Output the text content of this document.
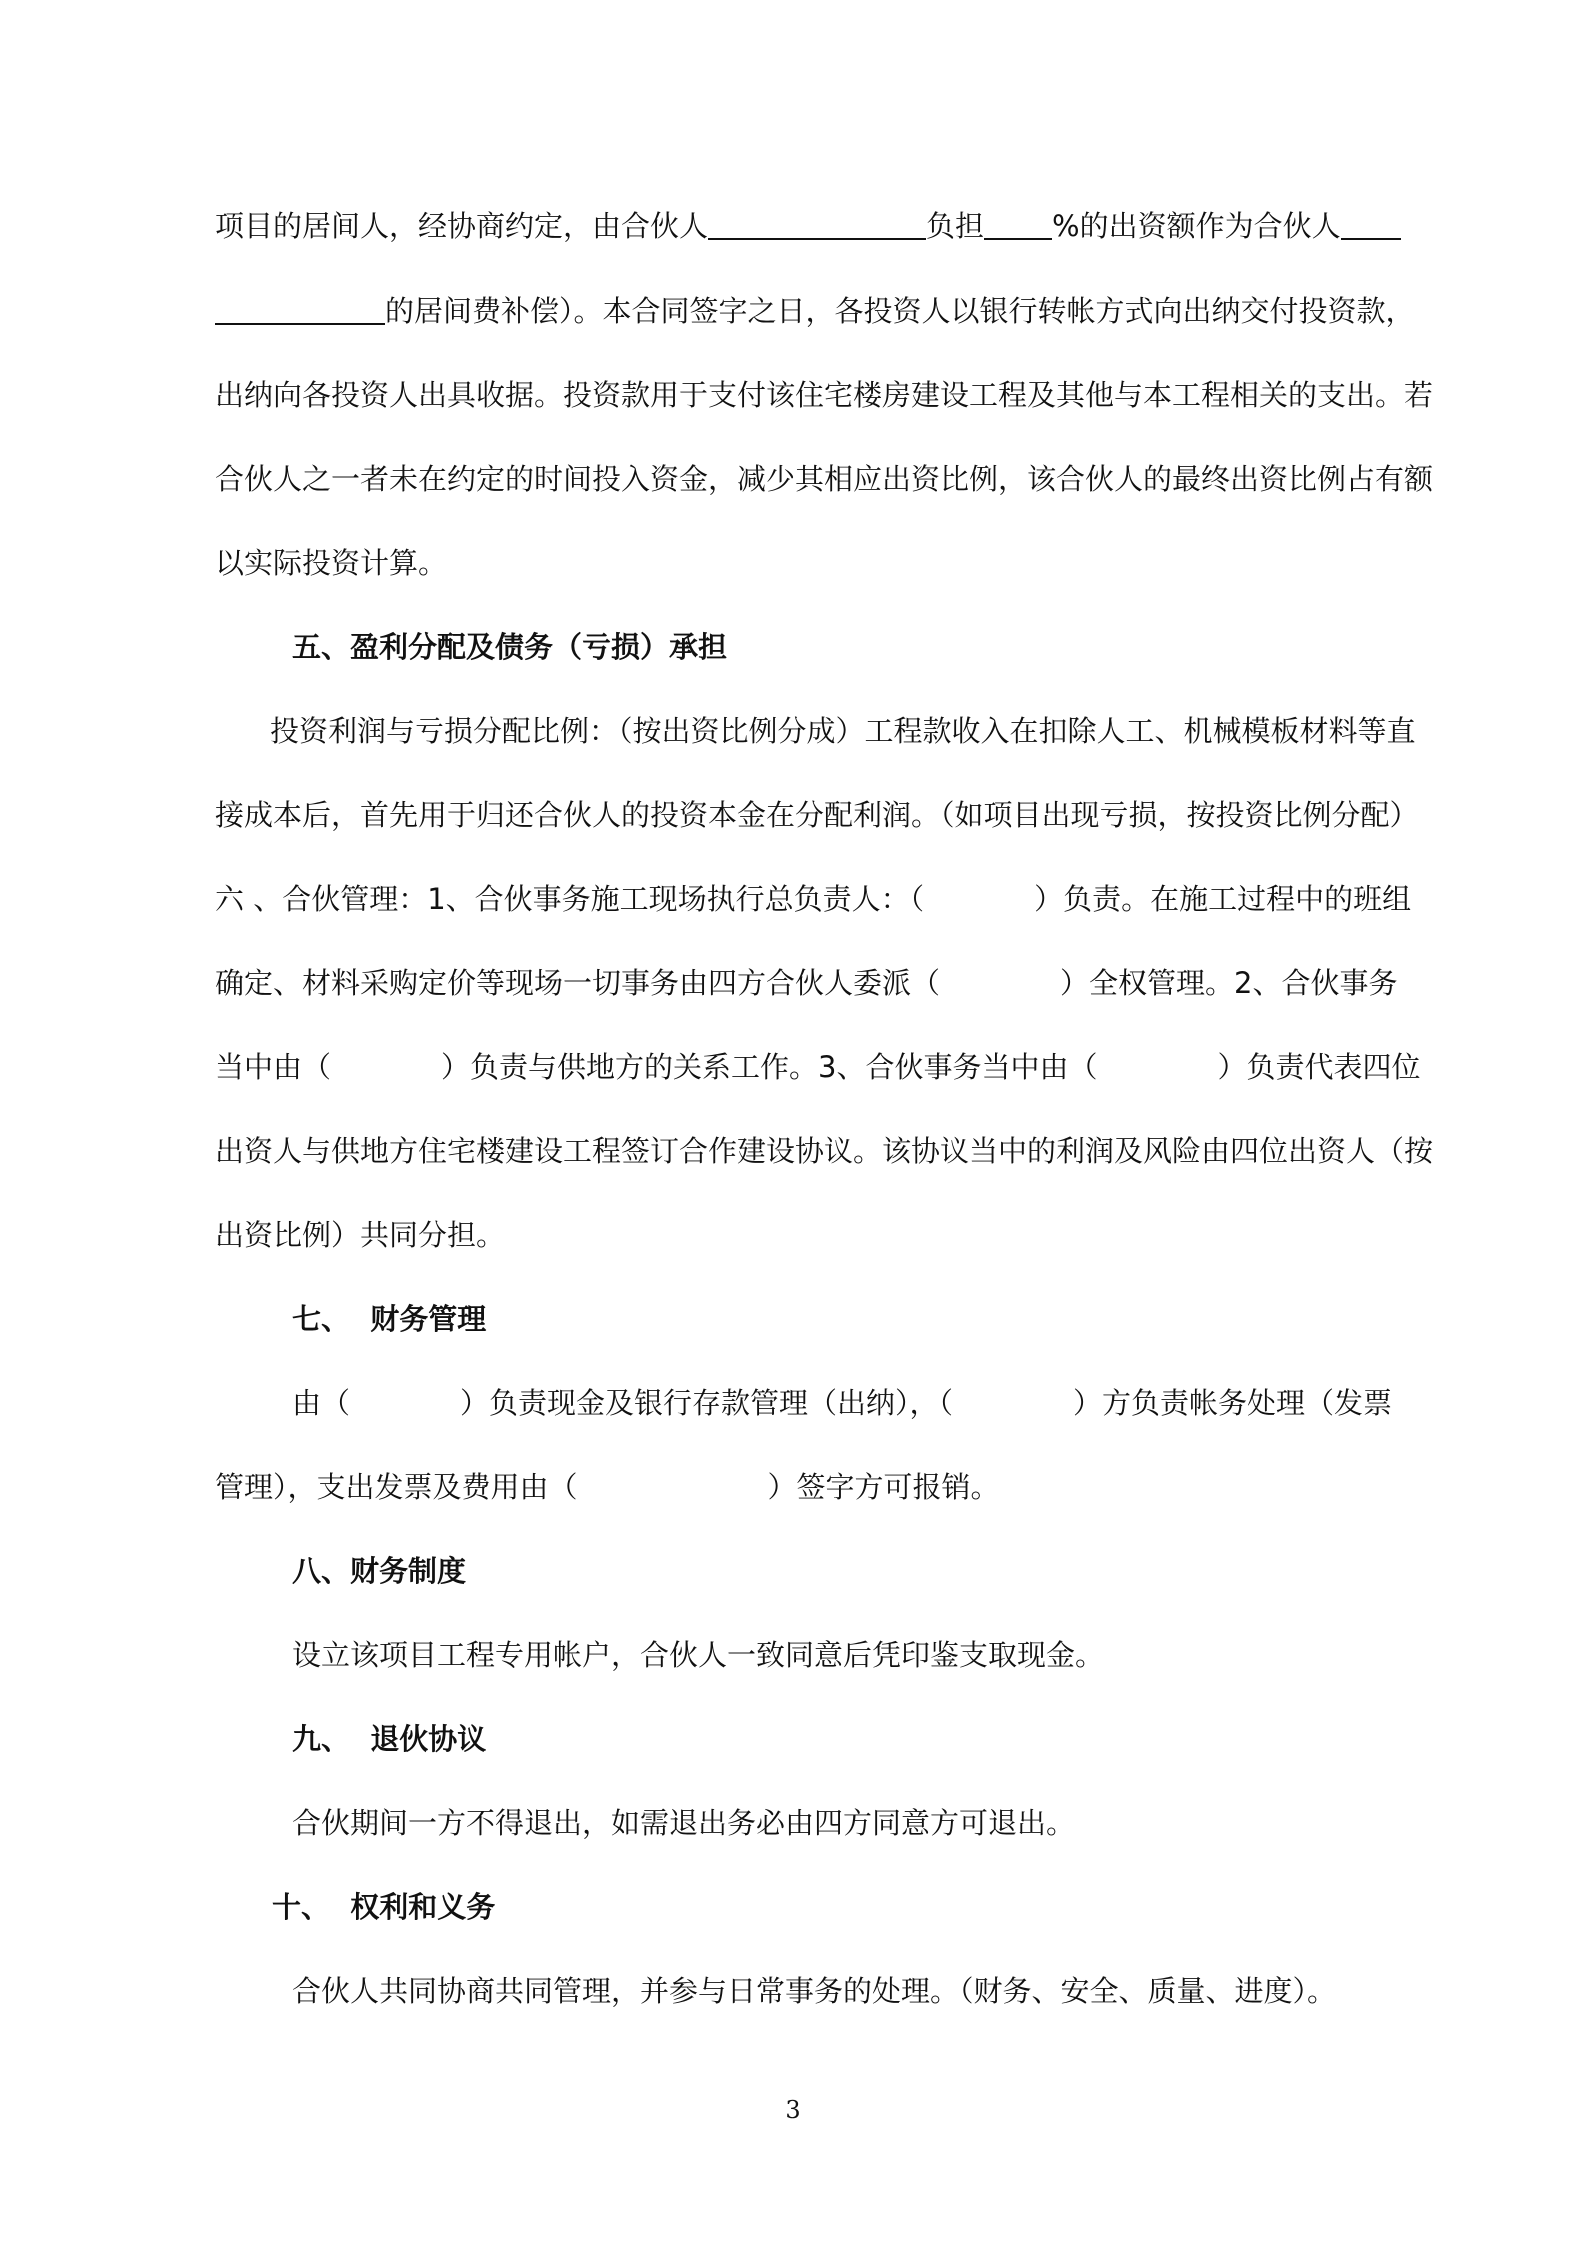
项目的居间人，经协商约定，由合伙人	负担 %的出资额作为合伙人
的居间费补偿）。本合同签字之日，各投资人以银行转帐方式向出纳交付投资款，
出纳向各投资人出具收据。投资款用于支付该住宅楼房建设工程及其他与本工程相关的支出。若
合伙人之一者未在约定的时间投入资金，减少其相应出资比例，该合伙人的最终出资比例占有额
以实际投资计算。
五、盈利分配及债务（亏损）承担
投资利润与亏损分配比例：（按出资比例分成）工程款收入在扣除人工、机械模板材料等直
接成本后，首先用于归还合伙人的投资本金在分配利润。（如项目出现亏损，按投资比例分配）
六 、合伙管理：1、合伙事务施工现场执行总负责人：（	）负责。在施工过程中的班组
确定、材料采购定价等现场一切事务由四方合伙人委派（	）全权管理。2、合伙事务
当中由（	）负责与供地方的关系工作。3、合伙事务当中由（	）负责代表四位
出资人与供地方住宅楼建设工程签订合作建设协议。该协议当中的利润及风险由四位出资人（按
出资比例）共同分担。
七、  财务管理
由（	）负责现金及银行存款管理（出纳），（	）方负责帐务处理（发票
管理），支出发票及费用由（	）签字方可报销。
八、财务制度
设立该项目工程专用帐户，合伙人一致同意后凭印鉴支取现金。
九、  退伙协议
合伙期间一方不得退出，如需退出务必由四方同意方可退出。
十、  权利和义务
合伙人共同协商共同管理，并参与日常事务的处理。（财务、安全、质量、进度）。
3
